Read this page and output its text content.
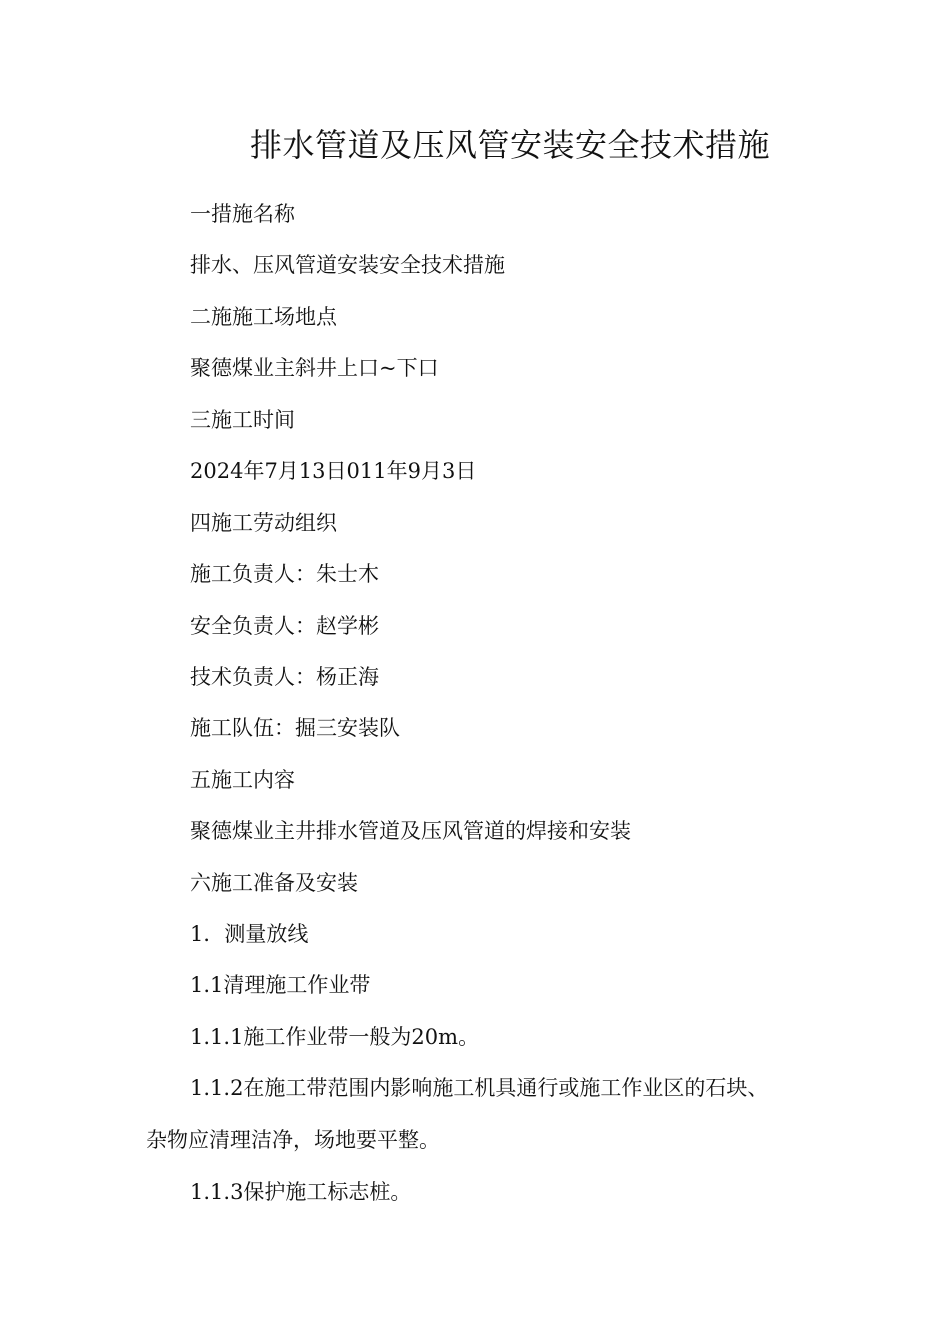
排水管道及压风管安装安全技术措施
一措施名称
排水、压风管道安装安全技术措施
二施施工场地点
聚德煤业主斜井上口~下口
三施工时间
2024年7月13日011年9月3日
四施工劳动组织
施工负责人：朱士木
安全负责人：赵学彬
技术负责人：杨正海
施工队伍：掘三安装队
五施工内容
聚德煤业主井排水管道及压风管道的焊接和安装
六施工准备及安装
1．测量放线
1.1清理施工作业带
1.1.1施工作业带一般为20m。
1.1.2在施工带范围内影响施工机具通行或施工作业区的石块、
杂物应清理洁净，场地要平整。
1.1.3保护施工标志桩。
